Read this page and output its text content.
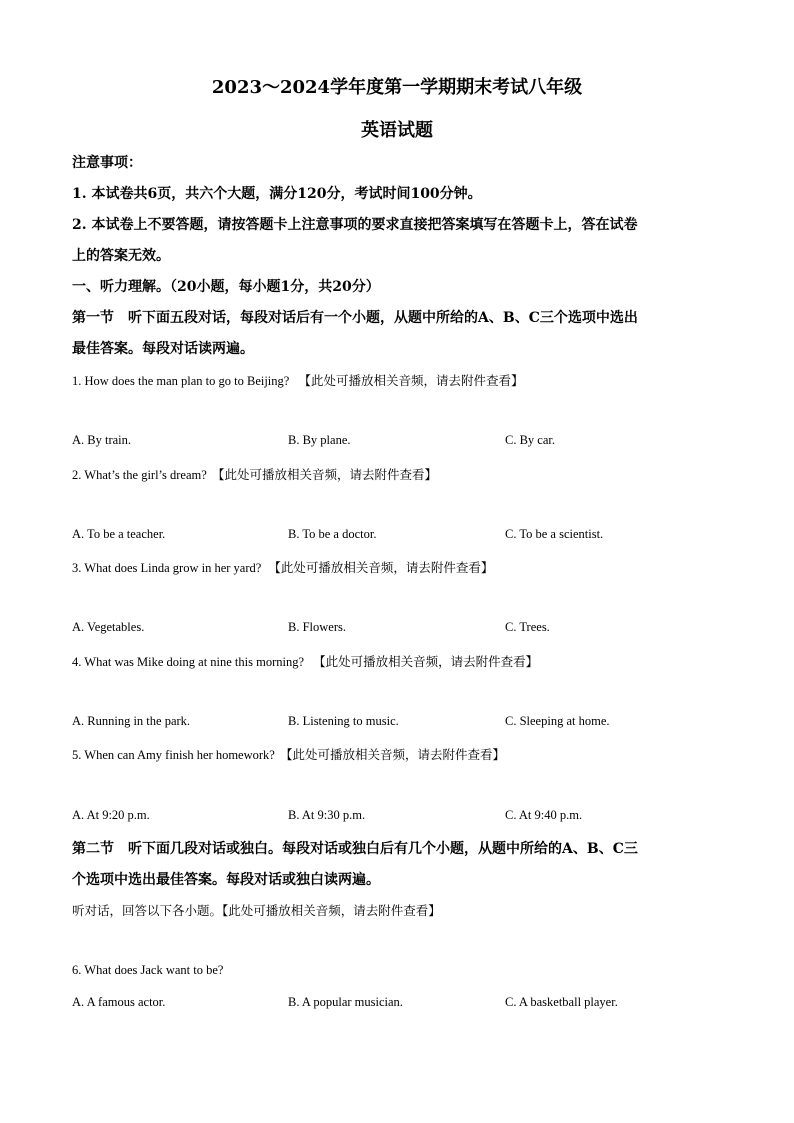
2023～2024学年度第一学期期末考试八年级
英语试题
注意事项：
1. 本试卷共6页，共六个大题，满分120分，考试时间100分钟。
2. 本试卷上不要答题，请按答题卡上注意事项的要求直接把答案填写在答题卡上，答在试卷
上的答案无效。
一、听力理解。（20小题，每小题1分，共20分）
第一节　听下面五段对话，每段对话后有一个小题，从题中所给的A、B、C三个选项中选出
最佳答案。每段对话读两遍。
1. How does the man plan to go to Beijing? 【此处可播放相关音频，请去附件查看】
A. By train.	B. By plane.	C. By car.
2. What’s the girl’s dream? 【此处可播放相关音频，请去附件查看】
A. To be a teacher.	B. To be a doctor.	C. To be a scientist.
3. What does Linda grow in her yard? 【此处可播放相关音频，请去附件查看】
A. Vegetables.	B. Flowers.	C. Trees.
4. What was Mike doing at nine this morning? 【此处可播放相关音频，请去附件查看】
A. Running in the park.	B. Listening to music.	C. Sleeping at home.
5. When can Amy finish her homework? 【此处可播放相关音频，请去附件查看】
A. At 9:20 p.m.	B. At 9:30 p.m.	C. At 9:40 p.m.
第二节　听下面几段对话或独白。每段对话或独白后有几个小题，从题中所给的A、B、C三
个选项中选出最佳答案。每段对话或独白读两遍。
听对话，回答以下各小题。【此处可播放相关音频，请去附件查看】
6. What does Jack want to be?
A. A famous actor.	B. A popular musician.	C. A basketball player.
